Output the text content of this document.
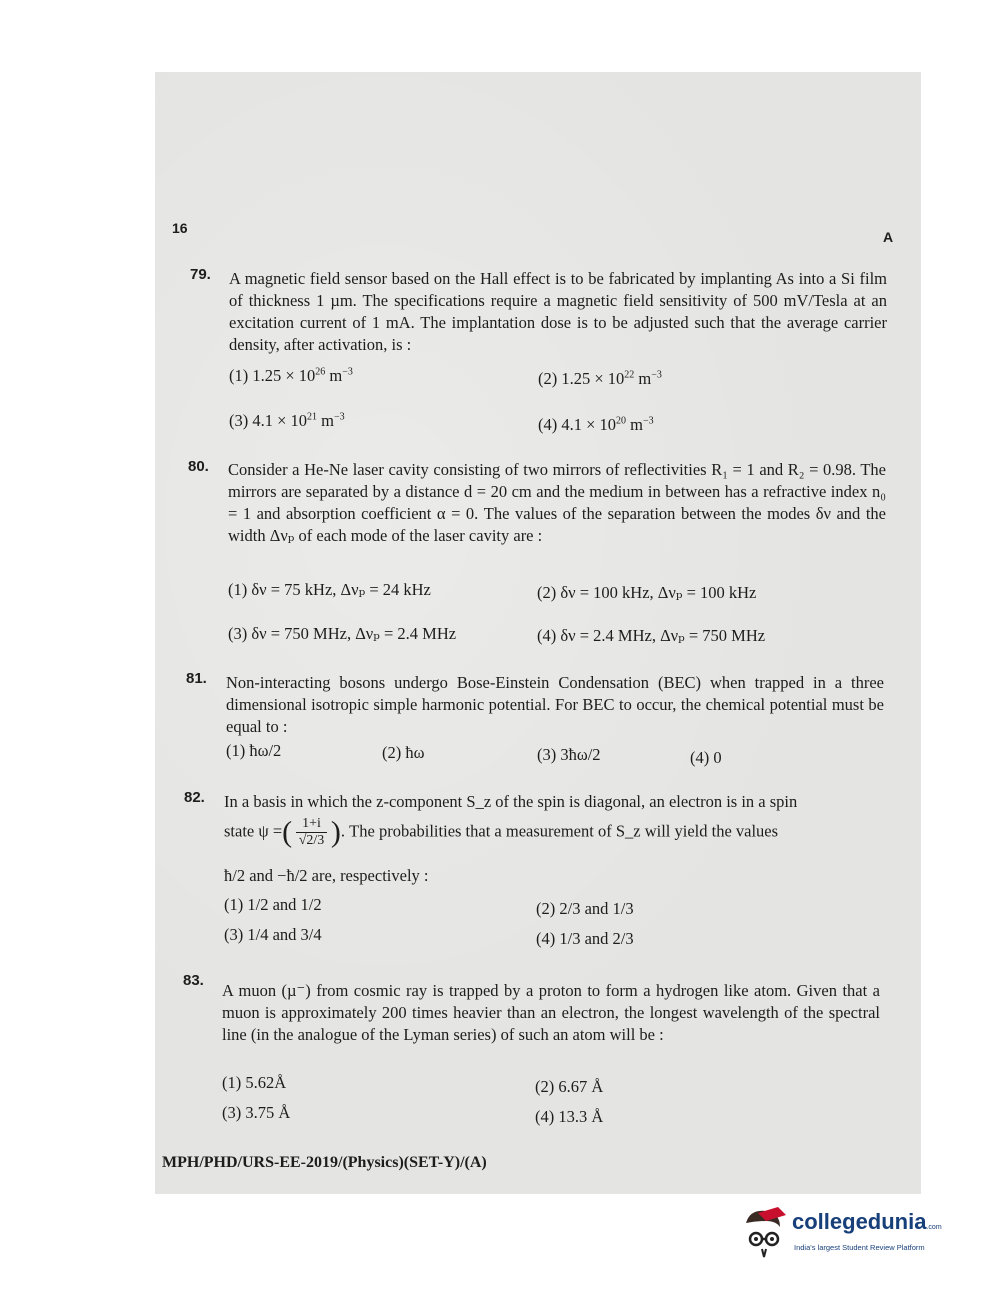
16
A
79. A magnetic field sensor based on the Hall effect is to be fabricated by implanting As into a Si film of thickness 1 µm. The specifications require a magnetic field sensitivity of 500 mV/Tesla at an excitation current of 1 mA. The implantation dose is to be adjusted such that the average carrier density, after activation, is :
(1) $1.25 \times 10^{26}$ $m^{-3}$	(2) $1.25 \times 10^{22}$ $m^{-3}$
(3) $4.1 \times 10^{21}$ $m^{-3}$	(4) $4.1 \times 10^{20}$ $m^{-3}$
80. Consider a He-Ne laser cavity consisting of two mirrors of reflectivities R₁ = 1 and R₂ = 0.98. The mirrors are separated by a distance d = 20 cm and the medium in between has a refractive index n₀ = 1 and absorption coefficient α = 0. The values of the separation between the modes δν and the width Δνₚ of each mode of the laser cavity are :
(1) δν = 75 kHz, Δνₚ = 24 kHz	(2) δν = 100 kHz, Δνₚ = 100 kHz
(3) δν = 750 MHz, Δνₚ = 2.4 MHz	(4) δν = 2.4 MHz, Δνₚ = 750 MHz
81. Non-interacting bosons undergo Bose-Einstein Condensation (BEC) when trapped in a three dimensional isotropic simple harmonic potential. For BEC to occur, the chemical potential must be equal to :
(1) ħω/2	(2) ħω	(3) 3ħω/2	(4) 0
82. In a basis in which the z-component S_z of the spin is diagonal, an electron is in a spin
state ψ =( $\frac{1+i}{√2/3}$ ). The probabilities that a measurement of S_z will yield the values
ħ/2 and −ħ/2 are, respectively :
(1) 1/2 and 1/2	(2) 2/3 and 1/3
(3) 1/4 and 3/4	(4) 1/3 and 2/3
83.
A muon (µ⁻) from cosmic ray is trapped by a proton to form a hydrogen like atom. Given that a muon is approximately 200 times heavier than an electron, the longest wavelength of the spectral line (in the analogue of the Lyman series) of such an atom will be :
(1) 5.62Å	(2) 6.67 Å
(3) 3.75 Å	(4) 13.3 Å
MPH/PHD/URS-EE-2019/(Physics)(SET-Y)/(A)
collegedunia.com
India's largest Student Review Platform
